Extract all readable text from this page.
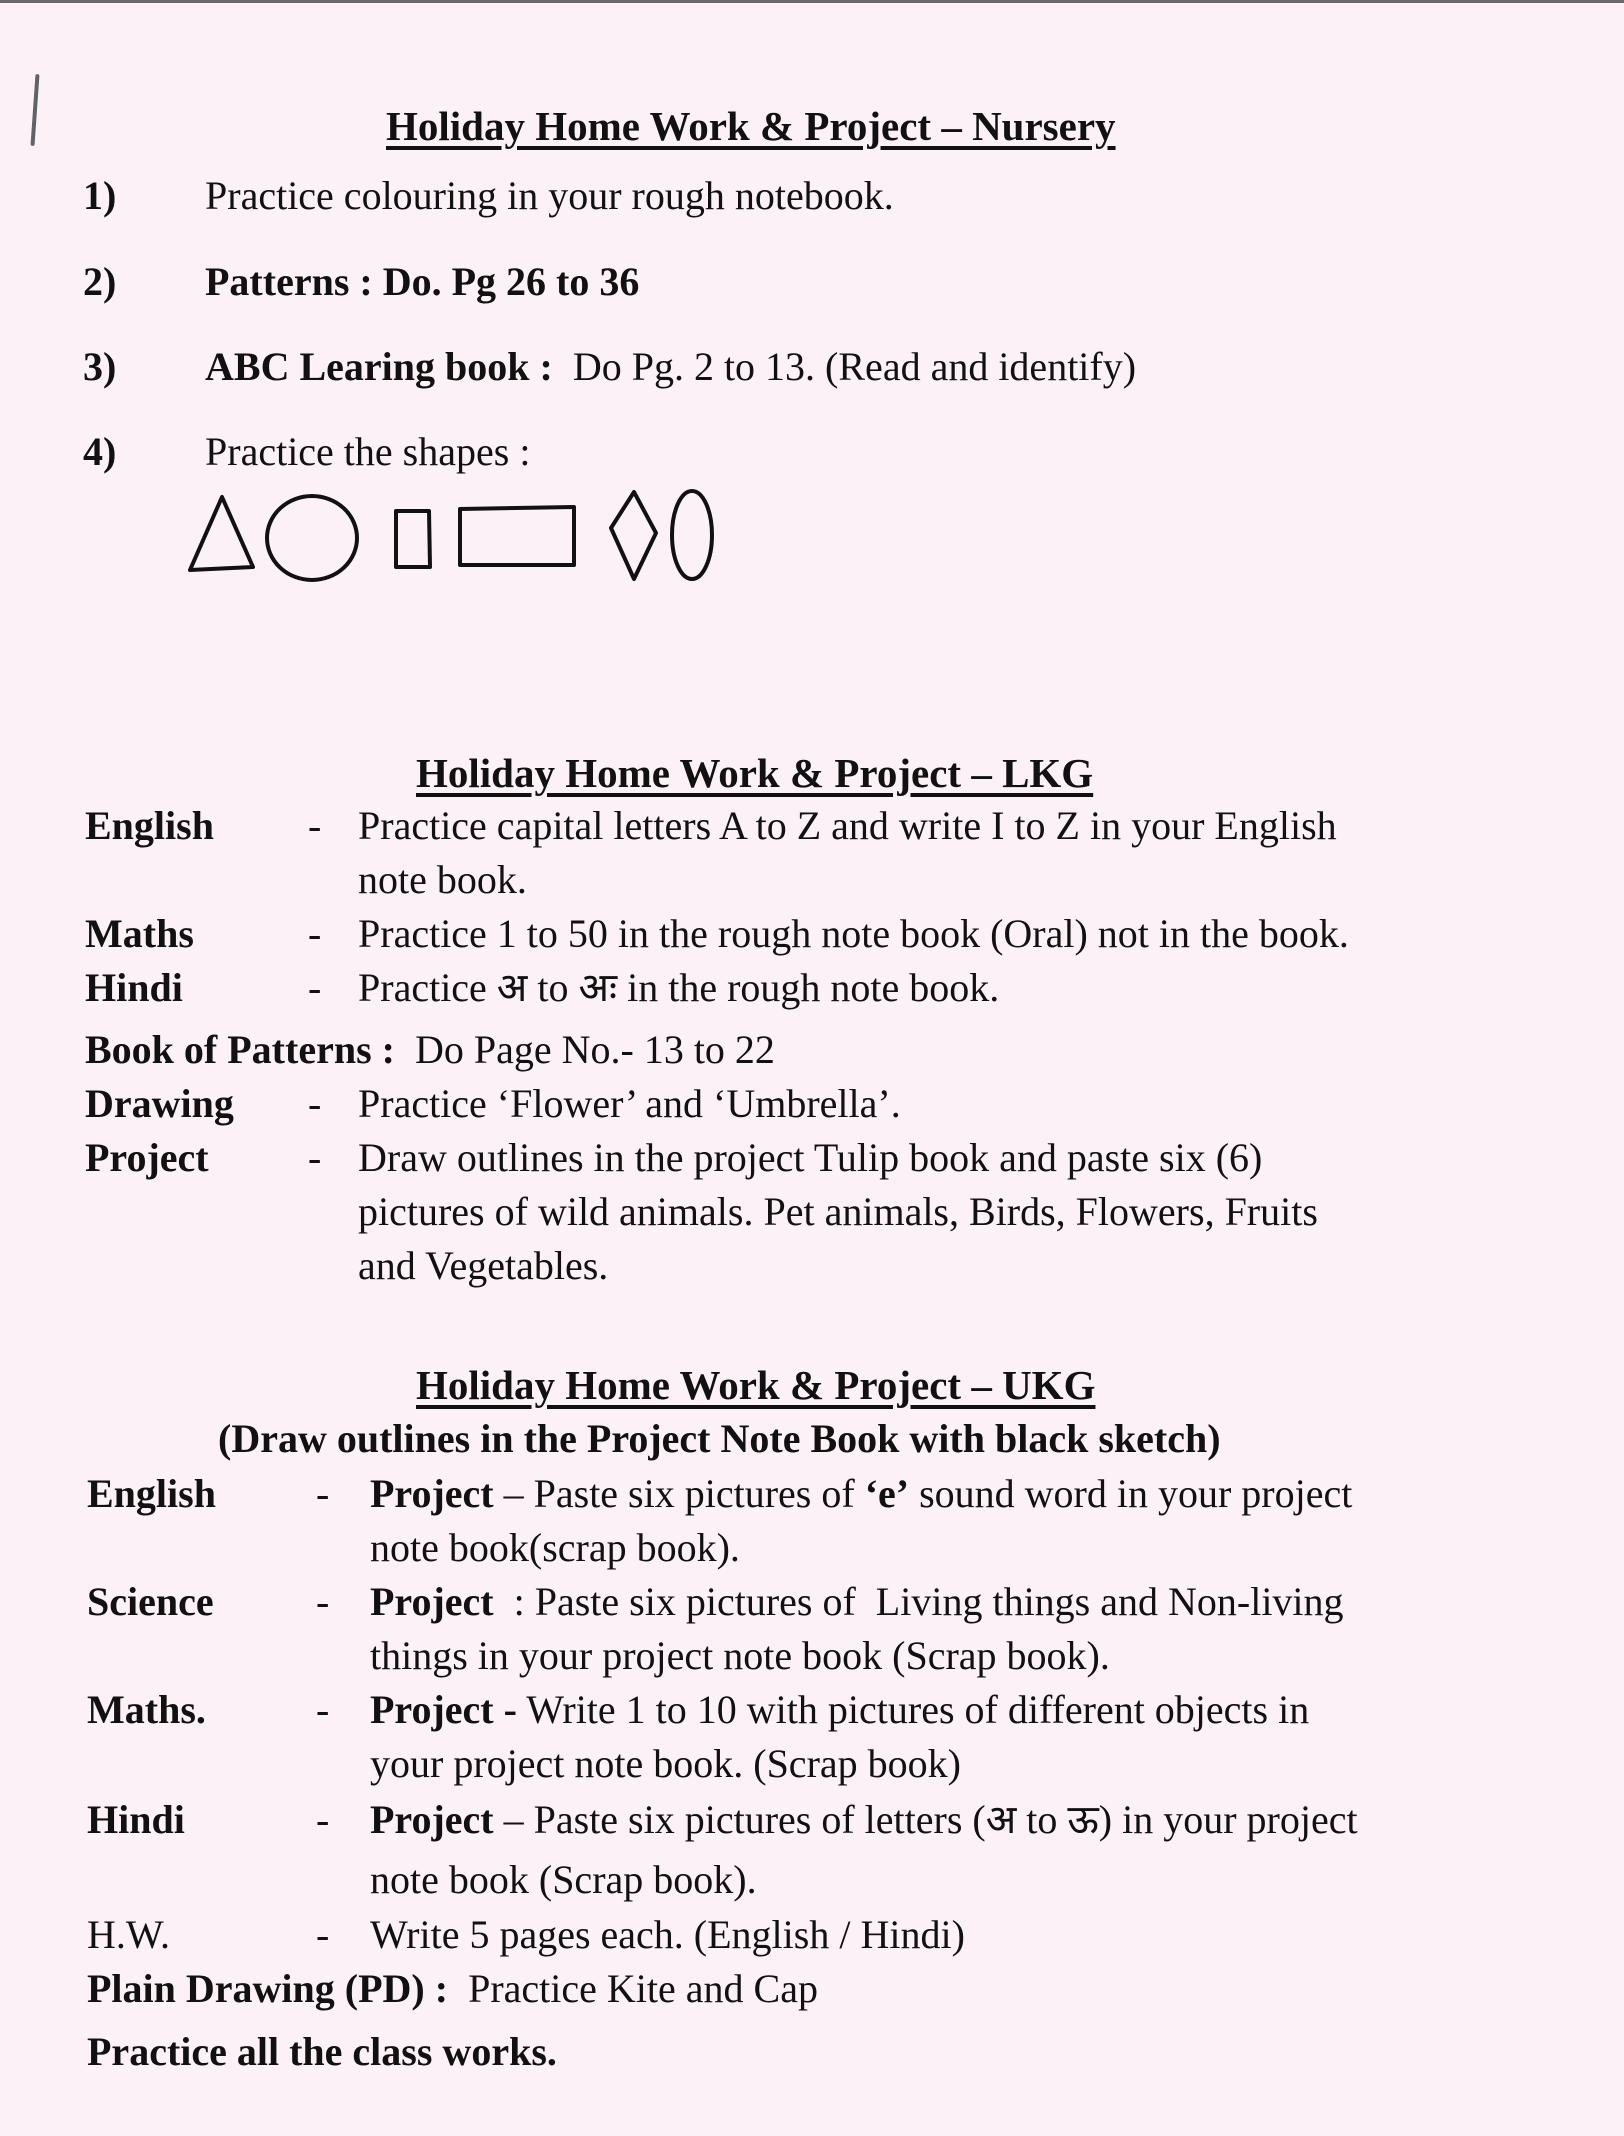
Holiday Home Work & Project – Nursery
1) Practice colouring in your rough notebook.
2) Patterns : Do. Pg 26 to 36
3) ABC Learing book :  Do Pg. 2 to 13. (Read and identify)
4) Practice the shapes :
Holiday Home Work & Project – LKG
English - Practice capital letters A to Z and write I to Z in your English
note book.
Maths	- Practice 1 to 50 in the rough note book (Oral) not in the book.
Hindi	- Practice अ to अः in the rough note book.
Book of Patterns :  Do Page No.- 13 to 22
Drawing - Practice ‘Flower’ and ‘Umbrella’.
Project - Draw outlines in the project Tulip book and paste six (6)
pictures of wild animals. Pet animals, Birds, Flowers, Fruits
and Vegetables.
Holiday Home Work & Project – UKG
(Draw outlines in the Project Note Book with black sketch)
English	- Project – Paste six pictures of ‘e’ sound word in your project
note book(scrap book).
Science	- Project  : Paste six pictures of  Living things and Non-living
things in your project note book (Scrap book).
Maths.	- Project - Write 1 to 10 with pictures of different objects in
your project note book. (Scrap book)
Hindi	- Project – Paste six pictures of letters (अ to ऊ) in your project
note book (Scrap book).
H.W.	- Write 5 pages each. (English / Hindi)
Plain Drawing (PD) :  Practice Kite and Cap
Practice all the class works.
